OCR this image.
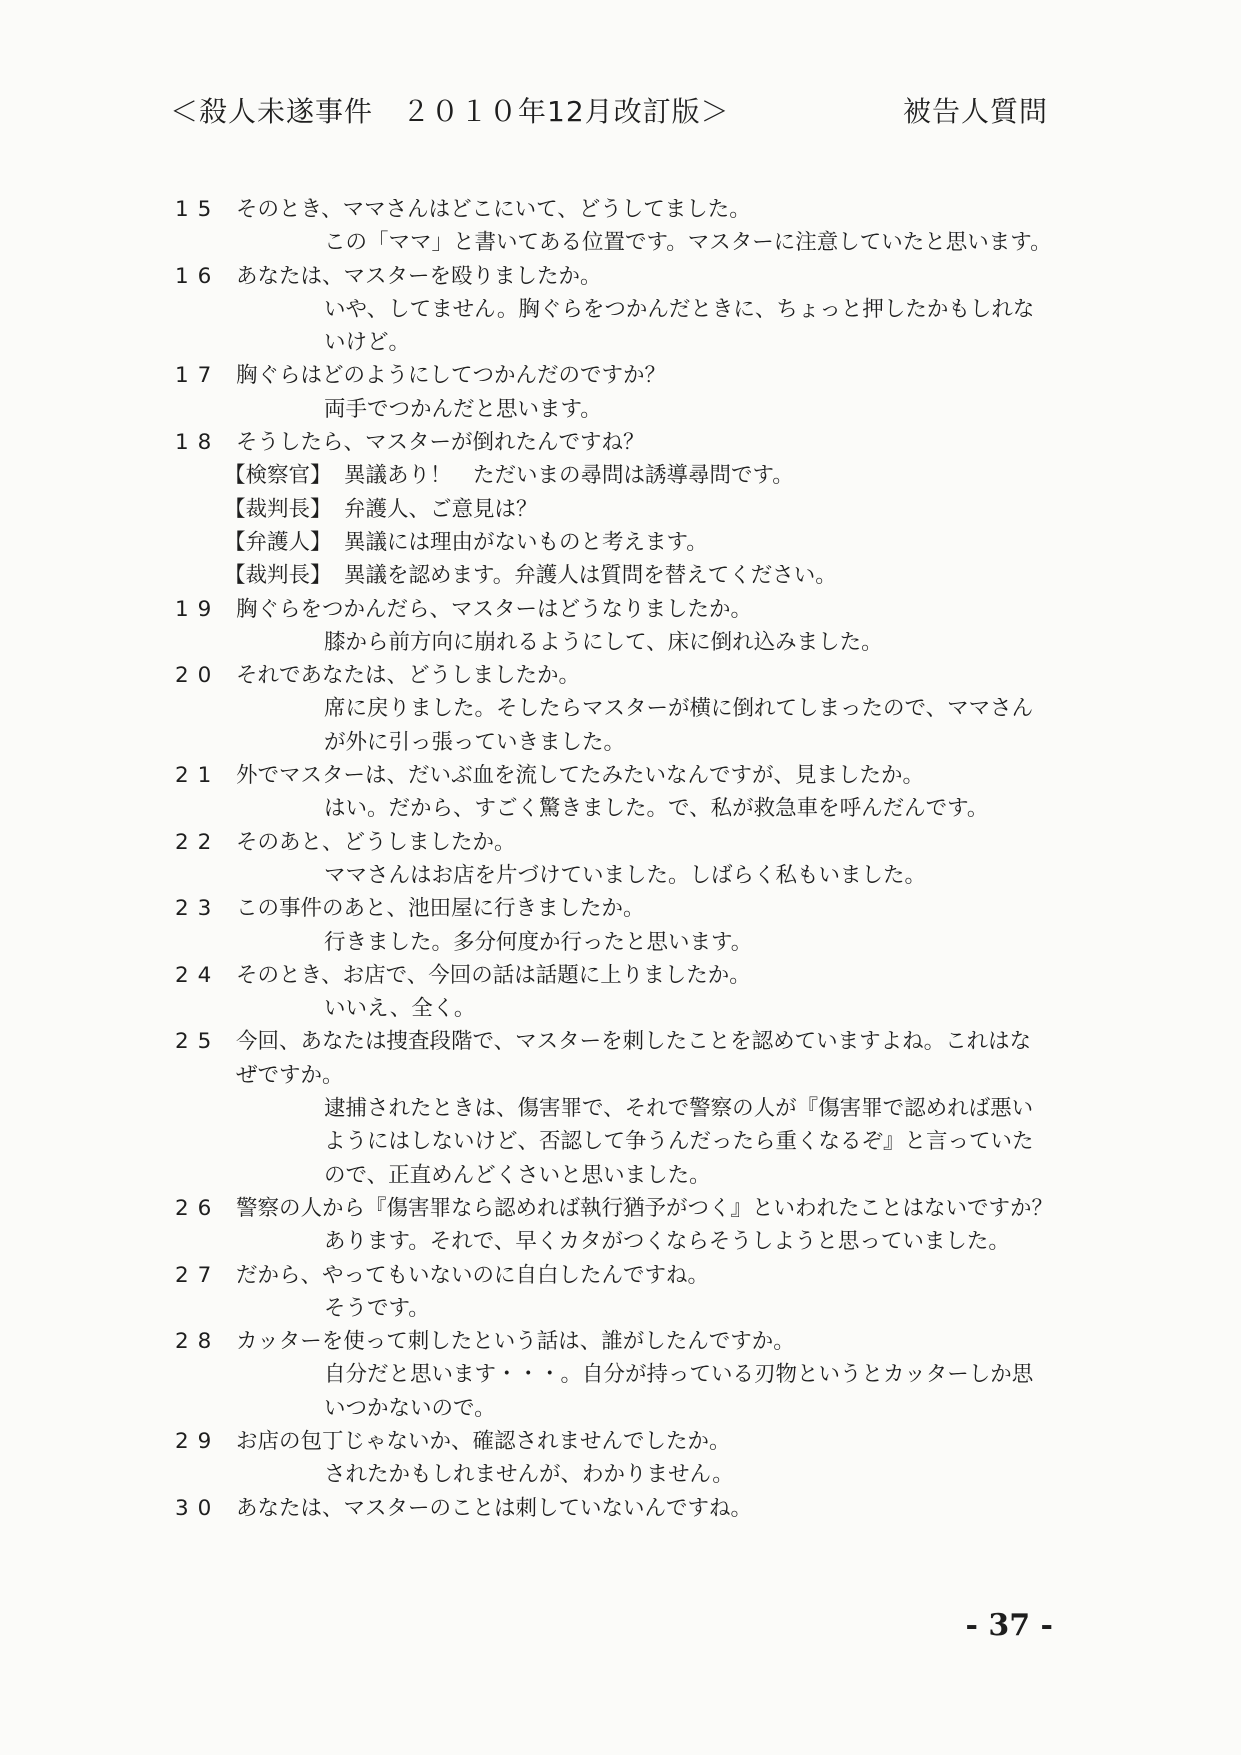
＜殺人未遂事件　２０１０年12月改訂版＞	被告人質問
15 そのとき、ママさんはどこにいて、どうしてました。
この「ママ」と書いてある位置です。マスターに注意していたと思います。
16 あなたは、マスターを殴りましたか。
いや、してません。胸ぐらをつかんだときに、ちょっと押したかもしれな
いけど。
17 胸ぐらはどのようにしてつかんだのですか？
両手でつかんだと思います。
18 そうしたら、マスターが倒れたんですね？
【検察官】 異議あり！　ただいまの尋問は誘導尋問です。
【裁判長】 弁護人、ご意見は？
【弁護人】 異議には理由がないものと考えます。
【裁判長】 異議を認めます。弁護人は質問を替えてください。
19 胸ぐらをつかんだら、マスターはどうなりましたか。
膝から前方向に崩れるようにして、床に倒れ込みました。
20 それであなたは、どうしましたか。
席に戻りました。そしたらマスターが横に倒れてしまったので、ママさん
が外に引っ張っていきました。
21 外でマスターは、だいぶ血を流してたみたいなんですが、見ましたか。
はい。だから、すごく驚きました。で、私が救急車を呼んだんです。
22 そのあと、どうしましたか。
ママさんはお店を片づけていました。しばらく私もいました。
23 この事件のあと、池田屋に行きましたか。
行きました。多分何度か行ったと思います。
24 そのとき、お店で、今回の話は話題に上りましたか。
いいえ、全く。
25 今回、あなたは捜査段階で、マスターを刺したことを認めていますよね。これはな
ぜですか。
逮捕されたときは、傷害罪で、それで警察の人が『傷害罪で認めれば悪い
ようにはしないけど、否認して争うんだったら重くなるぞ』と言っていた
ので、正直めんどくさいと思いました。
26 警察の人から『傷害罪なら認めれば執行猶予がつく』といわれたことはないですか？
あります。それで、早くカタがつくならそうしようと思っていました。
27 だから、やってもいないのに自白したんですね。
そうです。
28 カッターを使って刺したという話は、誰がしたんですか。
自分だと思います・・・。自分が持っている刃物というとカッターしか思
いつかないので。
29 お店の包丁じゃないか、確認されませんでしたか。
されたかもしれませんが、わかりません。
30 あなたは、マスターのことは刺していないんですね。
- 37 -
